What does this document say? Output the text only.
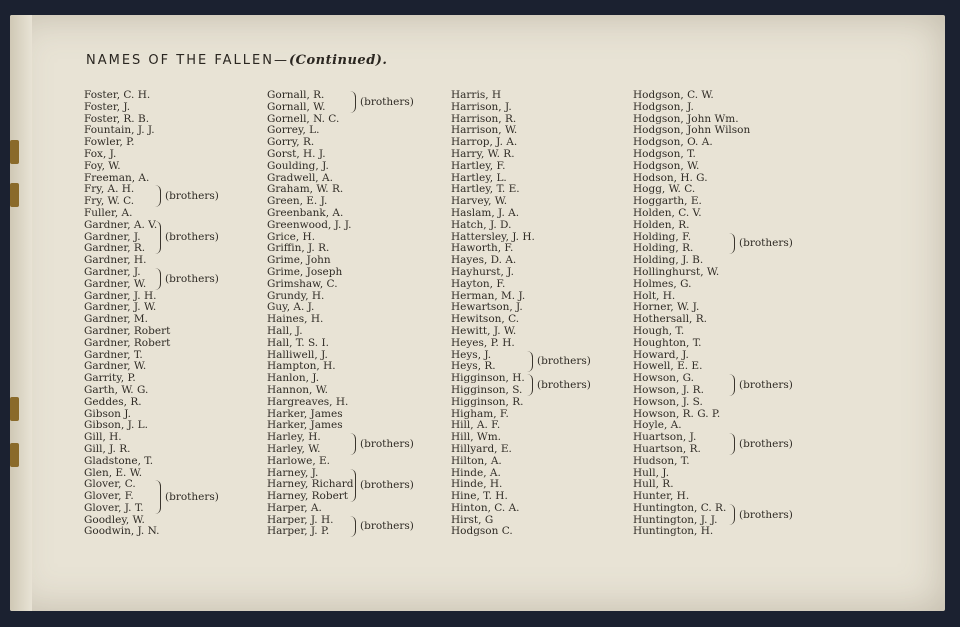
NAMES OF THE FALLEN—(Continued).
Foster, C. H.
Foster, J.
Foster, R. B.
Fountain, J. J.
Fowler, P.
Fox, J.
Foy, W.
Freeman, A.
Fry, A. H.
Fry, W. C.	(brothers)
Fuller, A.
Gardner, A. V.
Gardner, J.
Gardner, R.
(brothers)
Gardner, H.
Gardner, J.
Gardner, W.	(brothers)
Gardner, J. H.
Gardner, J. W.
Gardner, M.
Gardner, Robert
Gardner, Robert
Gardner, T.
Gardner, W.
Garrity, P.
Garth, W. G.
Geddes, R.
Gibson J.
Gibson, J. L.
Gill, H.
Gill, J. R.
Gladstone, T.
Glen, E. W.
Glover, C.
Glover, F.
Glover, J. T.
(brothers)
Goodley, W.
Goodwin, J. N.
Gornall, R.
Gornall, W.	(brothers)
Gornell, N. C.
Gorrey, L.
Gorry, R.
Gorst, H. J.
Goulding, J.
Gradwell, A.
Graham, W. R.
Green, E. J.
Greenbank, A.
Greenwood, J. J.
Grice, H.
Griffin, J. R.
Grime, John
Grime, Joseph
Grimshaw, C.
Grundy, H.
Guy, A. J.
Haines, H.
Hall, J.
Hall, T. S. I.
Halliwell, J.
Hampton, H.
Hanlon, J.
Hannon, W.
Hargreaves, H.
Harker, James
Harker, James
Harley, H.
Harley, W.	(brothers)
Harlowe, E.
Harney, J.
Harney, Richard
Harney, Robert
(brothers)
Harper, A.
Harper, J. H.
Harper, J. P.	(brothers)
Harris, H
Harrison, J.
Harrison, R.
Harrison, W.
Harrop, J. A.
Harry, W. R.
Hartley, F.
Hartley, L.
Hartley, T. E.
Harvey, W.
Haslam, J. A.
Hatch, J. D.
Hattersley, J. H.
Haworth, F.
Hayes, D. A.
Hayhurst, J.
Hayton, F.
Herman, M. J.
Hewartson, J.
Hewitson, C.
Hewitt, J. W.
Heyes, P. H.
Heys, J.
Heys, R.	(brothers)
Higginson, H.
Higginson, S.	(brothers)
Higginson, R.
Higham, F.
Hill, A. F.
Hill, Wm.
Hillyard, E.
Hilton, A.
Hinde, A.
Hinde, H.
Hine, T. H.
Hinton, C. A.
Hirst, G
Hodgson C.
Hodgson, C. W.
Hodgson, J.
Hodgson, John Wm.
Hodgson, John Wilson
Hodgson, O. A.
Hodgson, T.
Hodgson, W.
Hodson, H. G.
Hogg, W. C.
Hoggarth, E.
Holden, C. V.
Holden, R.
Holding, F.
Holding, R.	(brothers)
Holding, J. B.
Hollinghurst, W.
Holmes, G.
Holt, H.
Horner, W. J.
Hothersall, R.
Hough, T.
Houghton, T.
Howard, J.
Howell, E. E.
Howson, G.
Howson, J. R.	(brothers)
Howson, J. S.
Howson, R. G. P.
Hoyle, A.
Huartson, J.
Huartson, R.	(brothers)
Hudson, T.
Hull, J.
Hull, R.
Hunter, H.
Huntington, C. R.
Huntington, J. J.	(brothers)
Huntington, H.
